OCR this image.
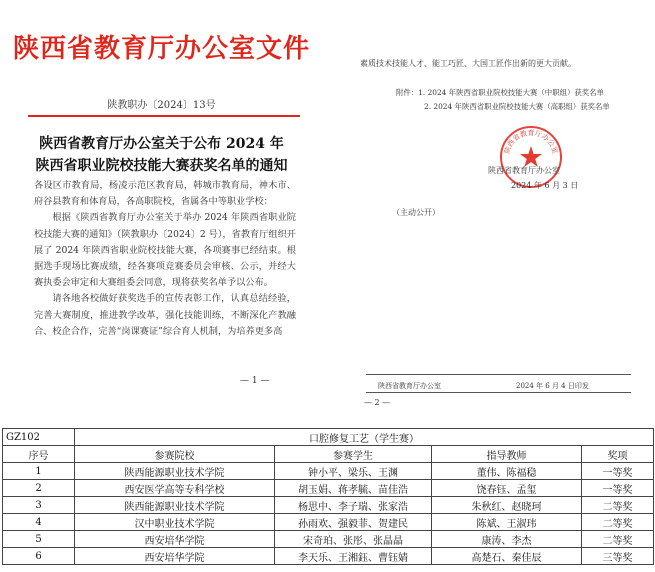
陕西省教育厅办公室文件
陕教职办〔2024〕13号
陕西省教育厅办公室关于公布 2024 年
陕西省职业院校技能大赛获奖名单的通知

各设区市教育局，杨凌示范区教育局，韩城市教育局，神木市、府谷县教育和体育局，各高职院校，省属各中等职业学校：

根据《陕西省教育厅办公室关于举办 2024 年陕西省职业院校技能大赛的通知》（陕教职办〔2024〕2 号），省教育厅组织开展了 2024 年陕西省职业院校技能大赛，各项赛事已经结束。根据选手现场比赛成绩，经各赛项竞赛委员会审核、公示，并经大赛执委会审定和大赛组委会同意，现将获奖名单予以公布。

请各地各校做好获奖选手的宣传表彰工作，认真总结经验，完善大赛制度，推进教学改革，强化技能训练，不断深化产教融合、校企合作，完善“岗课赛证”综合育人机制，为培养更多高

— 1 —
素质技术技能人才、能工巧匠、大国工匠作出新的更大贡献。
附件：1. 2024 年陕西省职业院校技能大赛（中职组）获奖名单
2. 2024 年陕西省职业院校技能大赛（高职组）获奖名单
陕西省教育厅办公室
陕西省教育厅办公室
2024 年 6 月 3 日
（主动公开）
陕西省教育厅办公室	2024 年 6 月 4 日印发
— 2 —
GZ102	口腔修复工艺（学生赛）			
序号	参赛院校	参赛学生	指导教师	奖项
1	陕西能源职业技术学院	钟小平、梁乐、王渊	董伟、陈福稳	一等奖
2	西安医学高等专科学校	胡玉娟、蒋孝毓、苗佳浩	饶春钰、孟玺	一等奖
3	陕西能源职业技术学院	杨思中、李子瑞、张家浩	朱秋红、赵晓珂	二等奖
4	汉中职业技术学院	孙雨欢、强毅菲、贺建民	陈斌、王淑玮	二等奖
5	西安培华学院	宋奇珀、张彤、张晶晶	康涛、李杰	二等奖
6	西安培华学院	李天乐、王湘鈺、曹钰婧	高楚石、秦佳辰	三等奖
